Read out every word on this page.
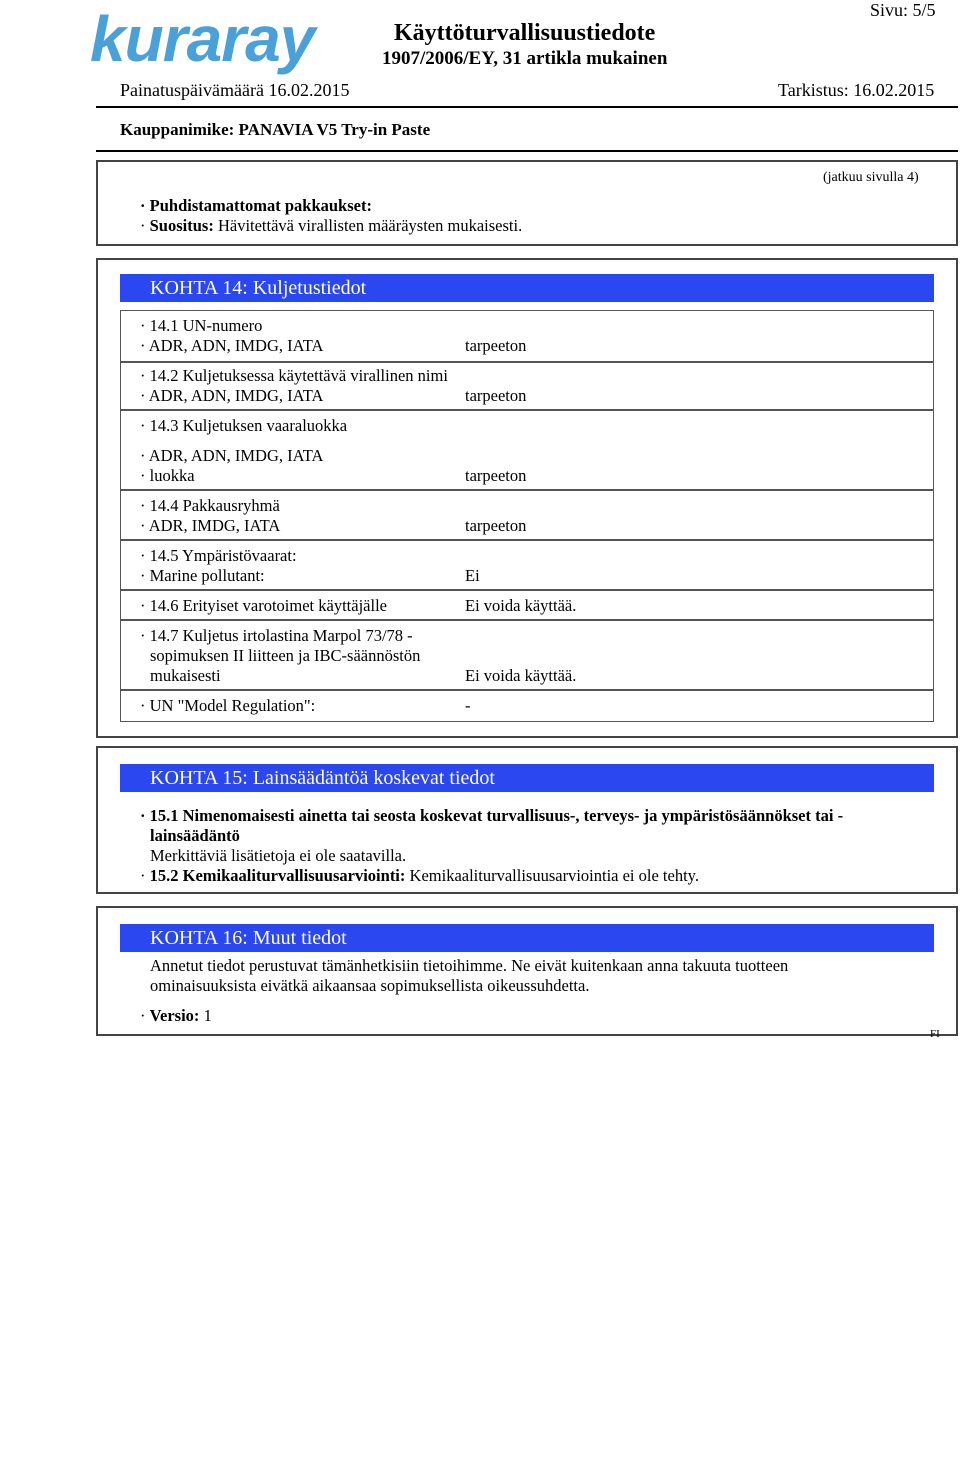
kuraray	Käyttöturvallisuustiedote
1907/2006/EY, 31 artikla mukainen
Sivu: 5/5
Painatuspäivämäärä 16.02.2015	Tarkistus: 16.02.2015
Kauppanimike: PANAVIA V5 Try-in Paste
(jatkuu sivulla 4)
· Puhdistamattomat pakkaukset:
· Suositus: Hävitettävä virallisten määräysten mukaisesti.
KOHTA 14: Kuljetustiedot
· 14.1 UN-numero
· ADR, ADN, IMDG, IATA	tarpeeton
· 14.2 Kuljetuksessa käytettävä virallinen nimi
· ADR, ADN, IMDG, IATA	tarpeeton
· 14.3 Kuljetuksen vaaraluokka
· ADR, ADN, IMDG, IATA
· luokka	tarpeeton
· 14.4 Pakkausryhmä
· ADR, IMDG, IATA	tarpeeton
· 14.5 Ympäristövaarat:
· Marine pollutant:	Ei
· 14.6 Erityiset varotoimet käyttäjälle	Ei voida käyttää.
· 14.7 Kuljetus irtolastina Marpol 73/78 -
sopimuksen II liitteen ja IBC-säännöstön
mukaisesti	Ei voida käyttää.
· UN "Model Regulation":	-
KOHTA 15: Lainsäädäntöä koskevat tiedot
· 15.1 Nimenomaisesti ainetta tai seosta koskevat turvallisuus-, terveys- ja ympäristösäännökset tai -
lainsäädäntö
Merkittäviä lisätietoja ei ole saatavilla.
· 15.2 Kemikaaliturvallisuusarviointi: Kemikaaliturvallisuusarviointia ei ole tehty.
KOHTA 16: Muut tiedot
Annetut tiedot perustuvat tämänhetkisiin tietoihimme. Ne eivät kuitenkaan anna takuuta tuotteen
ominaisuuksista eivätkä aikaansaa sopimuksellista oikeussuhdetta.
· Versio: 1
FI
